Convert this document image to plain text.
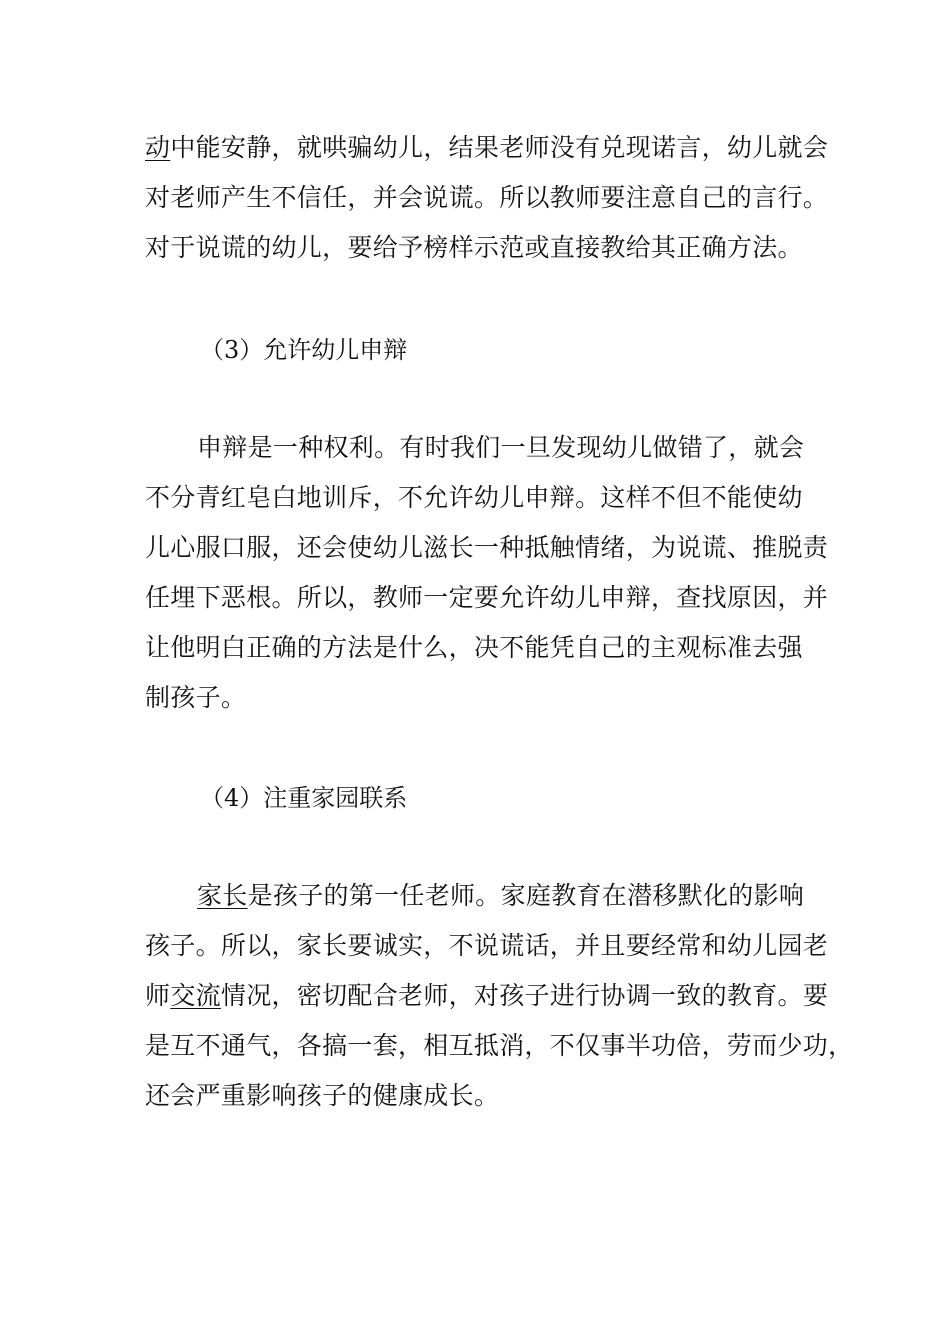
动中能安静，就哄骗幼儿，结果老师没有兑现诺言，幼儿就会
对老师产生不信任，并会说谎。所以教师要注意自己的言行。
对于说谎的幼儿，要给予榜样示范或直接教给其正确方法。
（3）允许幼儿申辩
申辩是一种权利。有时我们一旦发现幼儿做错了，就会
不分青红皂白地训斥，不允许幼儿申辩。这样不但不能使幼
儿心服口服，还会使幼儿滋长一种抵触情绪，为说谎、推脱责
任埋下恶根。所以，教师一定要允许幼儿申辩，查找原因，并
让他明白正确的方法是什么，决不能凭自己的主观标准去强
制孩子。
（4）注重家园联系
家长是孩子的第一任老师。家庭教育在潜移默化的影响
孩子。所以，家长要诚实，不说谎话，并且要经常和幼儿园老
师交流情况，密切配合老师，对孩子进行协调一致的教育。要
是互不通气，各搞一套，相互抵消，不仅事半功倍，劳而少功，
还会严重影响孩子的健康成长。
